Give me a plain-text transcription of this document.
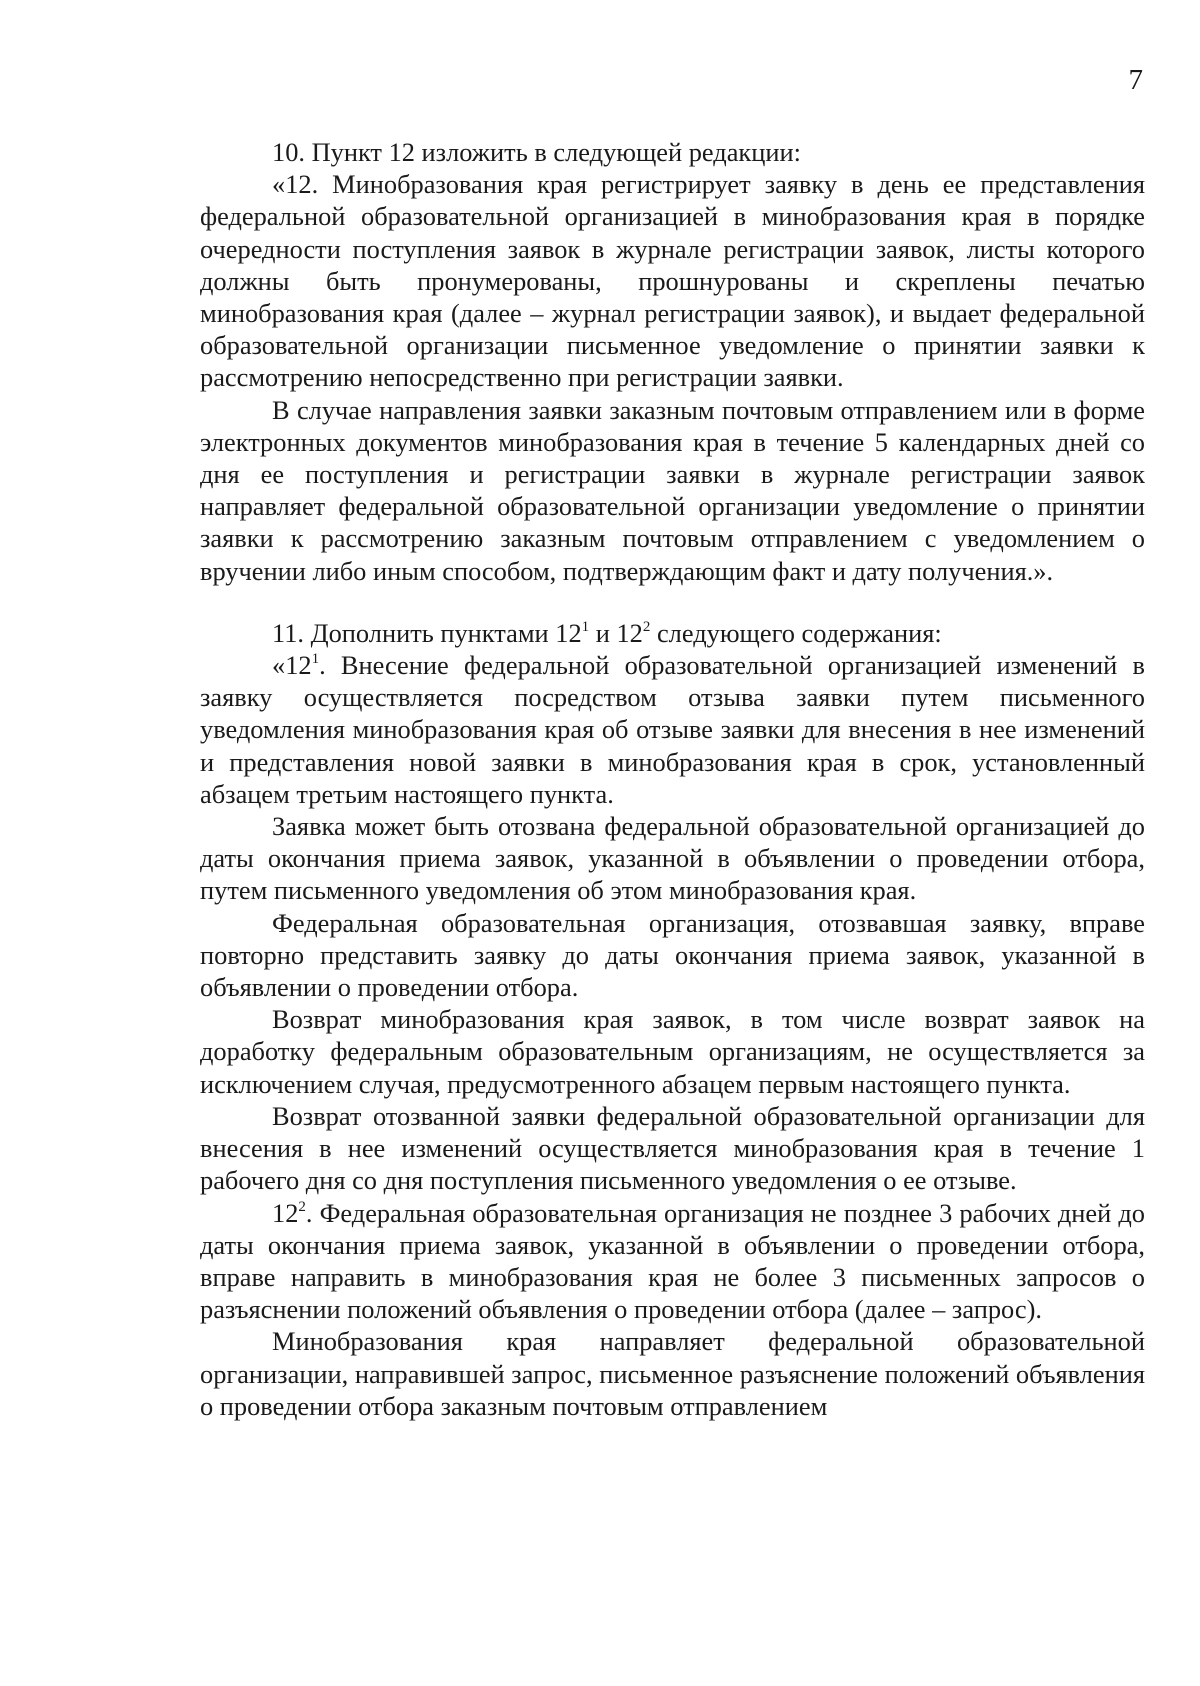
7

10. Пункт 12 изложить в следующей редакции:

«12. Минобразования края регистрирует заявку в день ее представления федеральной образовательной организацией в минобразования края в порядке очередности поступления заявок в журнале регистрации заявок, листы которого должны быть пронумерованы, прошнурованы и скреплены печатью минобразования края (далее – журнал регистрации заявок), и выдает федеральной образовательной организации письменное уведомление о принятии заявки к рассмотрению непосредственно при регистрации заявки.

В случае направления заявки заказным почтовым отправлением или в форме электронных документов минобразования края в течение 5 календарных дней со дня ее поступления и регистрации заявки в журнале регистрации заявок направляет федеральной образовательной организации уведомление о принятии заявки к рассмотрению заказным почтовым отправлением с уведомлением о вручении либо иным способом, подтверждающим факт и дату получения.».

11. Дополнить пунктами $12^1$ и $12^2$ следующего содержания:

«$12^1$. Внесение федеральной образовательной организацией изменений в заявку осуществляется посредством отзыва заявки путем письменного уведомления минобразования края об отзыве заявки для внесения в нее изменений и представления новой заявки в минобразования края в срок, установленный абзацем третьим настоящего пункта.

Заявка может быть отозвана федеральной образовательной организацией до даты окончания приема заявок, указанной в объявлении о проведении отбора, путем письменного уведомления об этом минобразования края.

Федеральная образовательная организация, отозвавшая заявку, вправе повторно представить заявку до даты окончания приема заявок, указанной в объявлении о проведении отбора.

Возврат минобразования края заявок, в том числе возврат заявок на доработку федеральным образовательным организациям, не осуществляется за исключением случая, предусмотренного абзацем первым настоящего пункта.

Возврат отозванной заявки федеральной образовательной организации для внесения в нее изменений осуществляется минобразования края в течение 1 рабочего дня со дня поступления письменного уведомления о ее отзыве.

$12^2$. Федеральная образовательная организация не позднее 3 рабочих дней до даты окончания приема заявок, указанной в объявлении о проведении отбора, вправе направить в минобразования края не более 3 письменных запросов о разъяснении положений объявления о проведении отбора (далее – запрос).

Минобразования края направляет федеральной образовательной организации, направившей запрос, письменное разъяснение положений объявления о проведении отбора заказным почтовым отправлением
